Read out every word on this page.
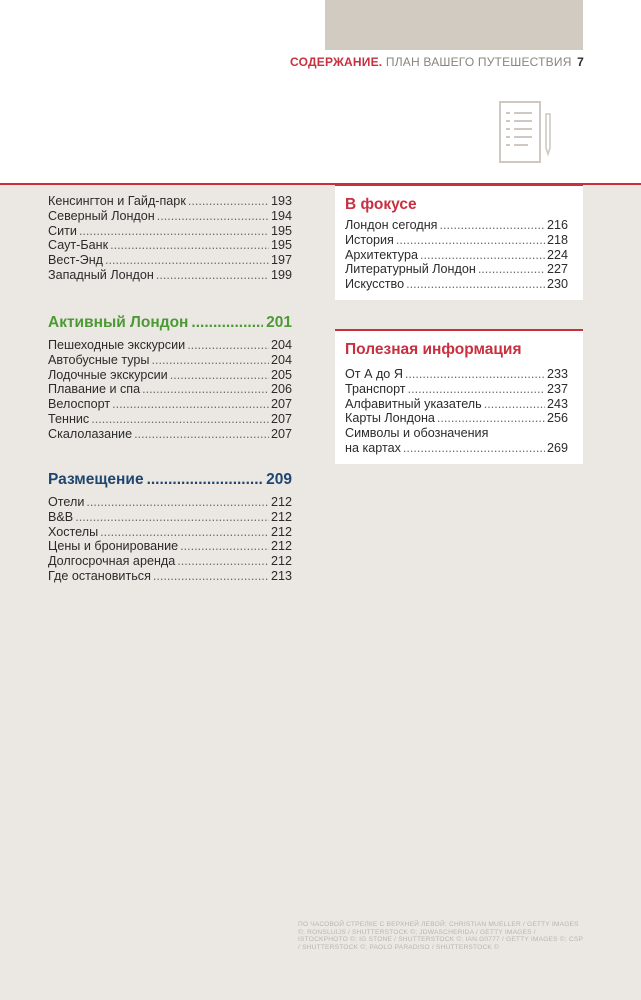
СОДЕРЖАНИЕ. ПЛАН ВАШЕГО ПУТЕШЕСТВИЯ 7
Кенсингтон и Гайд-парк .....	193
Северный Лондон .....	194
Сити .....	195
Саут-Банк .....	195
Вест-Энд .....	197
Западный Лондон .....	199
Активный Лондон .....	201
Пешеходные экскурсии .....	204
Автобусные туры .....	204
Лодочные экскурсии .....	205
Плавание и спа .....	206
Велоспорт .....	207
Теннис .....	207
Скалолазание .....	207
Размещение .....	209
Отели .....	212
B&B .....	212
Хостелы .....	212
Цены и бронирование .....	212
Долгосрочная аренда .....	212
Где остановиться .....	213
В фокусе
Лондон сегодня .....	216
История .....	218
Архитектура .....	224
Литературный Лондон .....	227
Искусство .....	230
Полезная информация
От А до Я .....	233
Транспорт .....	237
Алфавитный указатель .....	243
Карты Лондона .....	256
Символы и обозначения
на картах .....	269
ПО ЧАСОВОЙ СТРЕЛКЕ С ВЕРХНЕЙ ЛЕВОЙ: CHRISTIAN MUELLER / GETTY IMAGES ©; RONSLUIJS / SHUTTERSTOCK ©; JDWASCHERIDA / GETTY IMAGES / ISTOCKPHOTO ©; IG STONE / SHUTTERSTOCK ©; IAN.G0777 / GETTY IMAGES ©; CSP / SHUTTERSTOCK ©; PAOLO PARADISO / SHUTTERSTOCK ©
